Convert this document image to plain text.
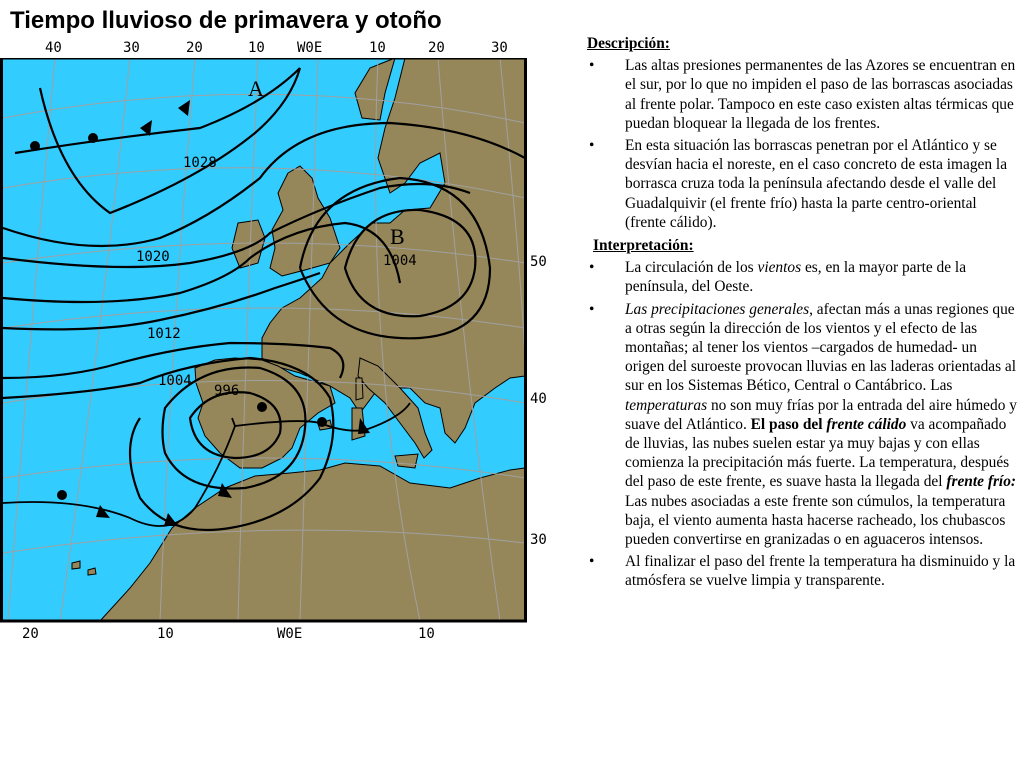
Tiempo lluvioso de primavera y otoño
1028
1020
1012
1004
996
1004
A
B
40	30	20	10 W0E	10	20	30
20	10	W0E	10
50
40
30
Descripción:
• Las altas presiones permanentes de las Azores se encuentran en el sur, por lo que no impiden el paso de las borrascas asociadas al frente polar. Tampoco en este caso existen altas térmicas que puedan bloquear la llegada de los frentes.
• En esta situación las borrascas penetran por el Atlántico y se desvían hacia el noreste, en el caso concreto de esta imagen la borrasca cruza toda la península afectando desde el valle del Guadalquivir (el frente frío) hasta la parte centro-oriental (frente cálido).
Interpretación:
• La circulación de los vientos es, en la mayor parte de la península, del Oeste.
• Las precipitaciones generales, afectan más a unas regiones que a otras según la dirección de los vientos y el efecto de las montañas; al tener los vientos –cargados de humedad- un origen del suroeste provocan lluvias en las laderas orientadas al sur en los Sistemas Bético, Central o Cantábrico. Las temperaturas no son muy frías por la entrada del aire húmedo y suave del Atlántico. El paso del frente cálido va acompañado de lluvias, las nubes suelen estar ya muy bajas y con ellas comienza la precipitación más fuerte. La temperatura, después del paso de este frente, es suave hasta la llegada del frente frío: Las nubes asociadas a este frente son cúmulos, la temperatura baja, el viento aumenta hasta hacerse racheado, los chubascos pueden convertirse en granizadas o en aguaceros intensos.
• Al finalizar el paso del frente la temperatura ha disminuido y la atmósfera se vuelve limpia y transparente.
